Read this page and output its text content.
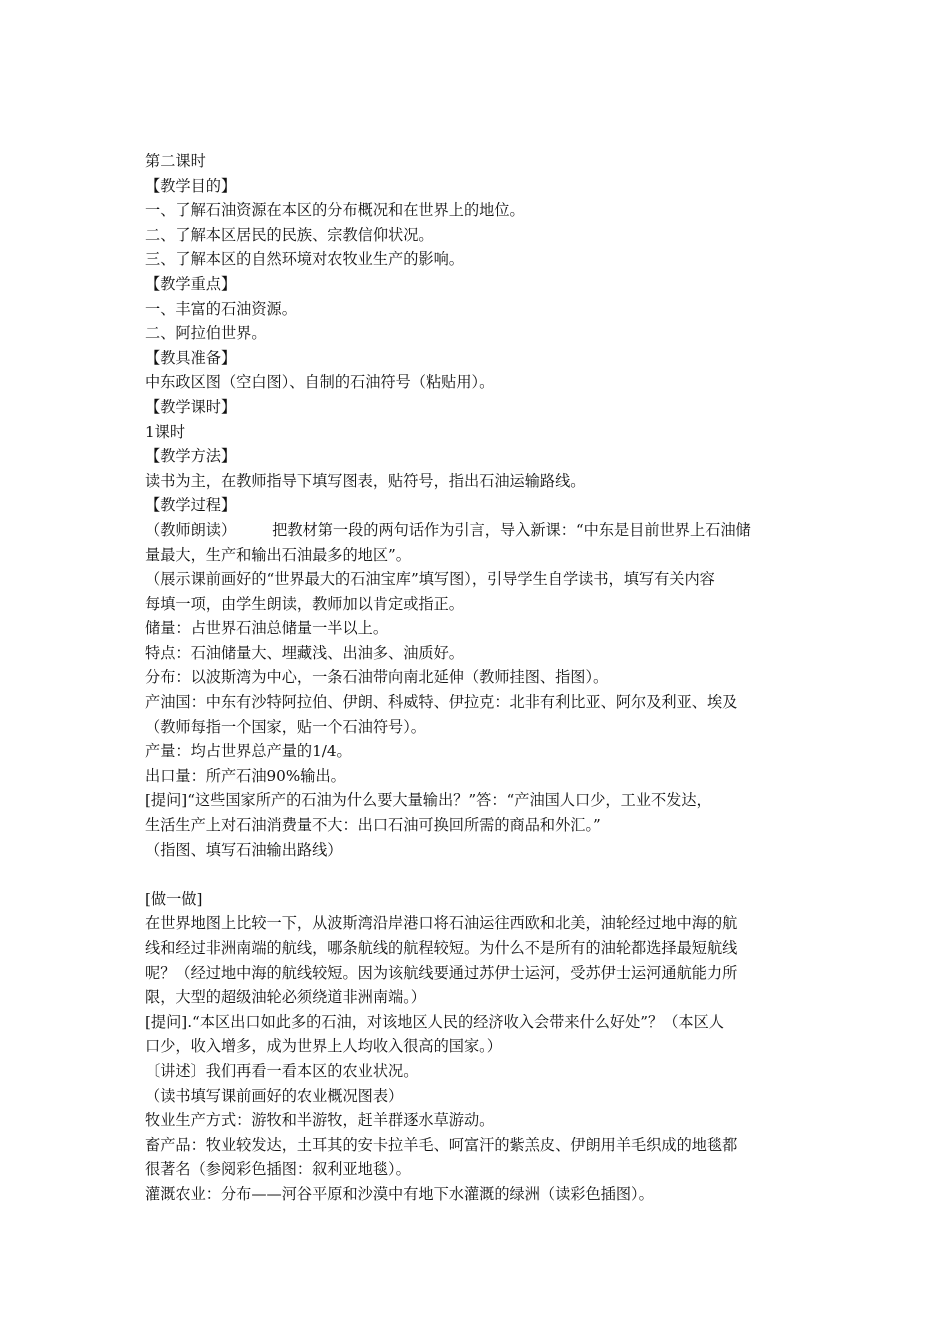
第二课时
【教学目的】
一、了解石油资源在本区的分布概况和在世界上的地位。
二、了解本区居民的民族、宗教信仰状况。
三、了解本区的自然环境对农牧业生产的影响。
【教学重点】
一、丰富的石油资源。
二、阿拉伯世界。
【教具准备】
中东政区图（空白图）、自制的石油符号（粘贴用）。
【教学课时】
1课时
【教学方法】
读书为主，在教师指导下填写图表，贴符号，指出石油运输路线。
【教学过程】
（教师朗读） 把教材第一段的两句话作为引言，导入新课：“中东是目前世界上石油储
量最大，生产和输出石油最多的地区”。
（展示课前画好的“世界最大的石油宝库”填写图），引导学生自学读书，填写有关内容
每填一项，由学生朗读，教师加以肯定或指正。
储量：占世界石油总储量一半以上。
特点：石油储量大、埋藏浅、出油多、油质好。
分布：以波斯湾为中心，一条石油带向南北延伸（教师挂图、指图）。
产油国：中东有沙特阿拉伯、伊朗、科威特、伊拉克：北非有利比亚、阿尔及利亚、埃及
（教师每指一个国家，贴一个石油符号）。
产量：均占世界总产量的1/4。
出口量：所产石油90%输出。
[提问]“这些国家所产的石油为什么要大量输出？”答：“产油国人口少，工业不发达，
生活生产上对石油消费量不大：出口石油可换回所需的商品和外汇。”
（指图、填写石油输出路线）
[做一做]
在世界地图上比较一下，从波斯湾沿岸港口将石油运往西欧和北美，油轮经过地中海的航
线和经过非洲南端的航线，哪条航线的航程较短。为什么不是所有的油轮都选择最短航线
呢？（经过地中海的航线较短。因为该航线要通过苏伊士运河，受苏伊士运河通航能力所
限，大型的超级油轮必须绕道非洲南端。）
[提问].“本区出口如此多的石油，对该地区人民的经济收入会带来什么好处”？（本区人
口少，收入增多，成为世界上人均收入很高的国家。）
〔讲述〕我们再看一看本区的农业状况。
（读书填写课前画好的农业概况图表）
牧业生产方式：游牧和半游牧，赶羊群逐水草游动。
畜产品：牧业较发达，土耳其的安卡拉羊毛、呵富汗的紫羔皮、伊朗用羊毛织成的地毯都
很著名（参阅彩色插图：叙利亚地毯）。
灌溉农业：分布——河谷平原和沙漠中有地下水灌溉的绿洲（读彩色插图）。
